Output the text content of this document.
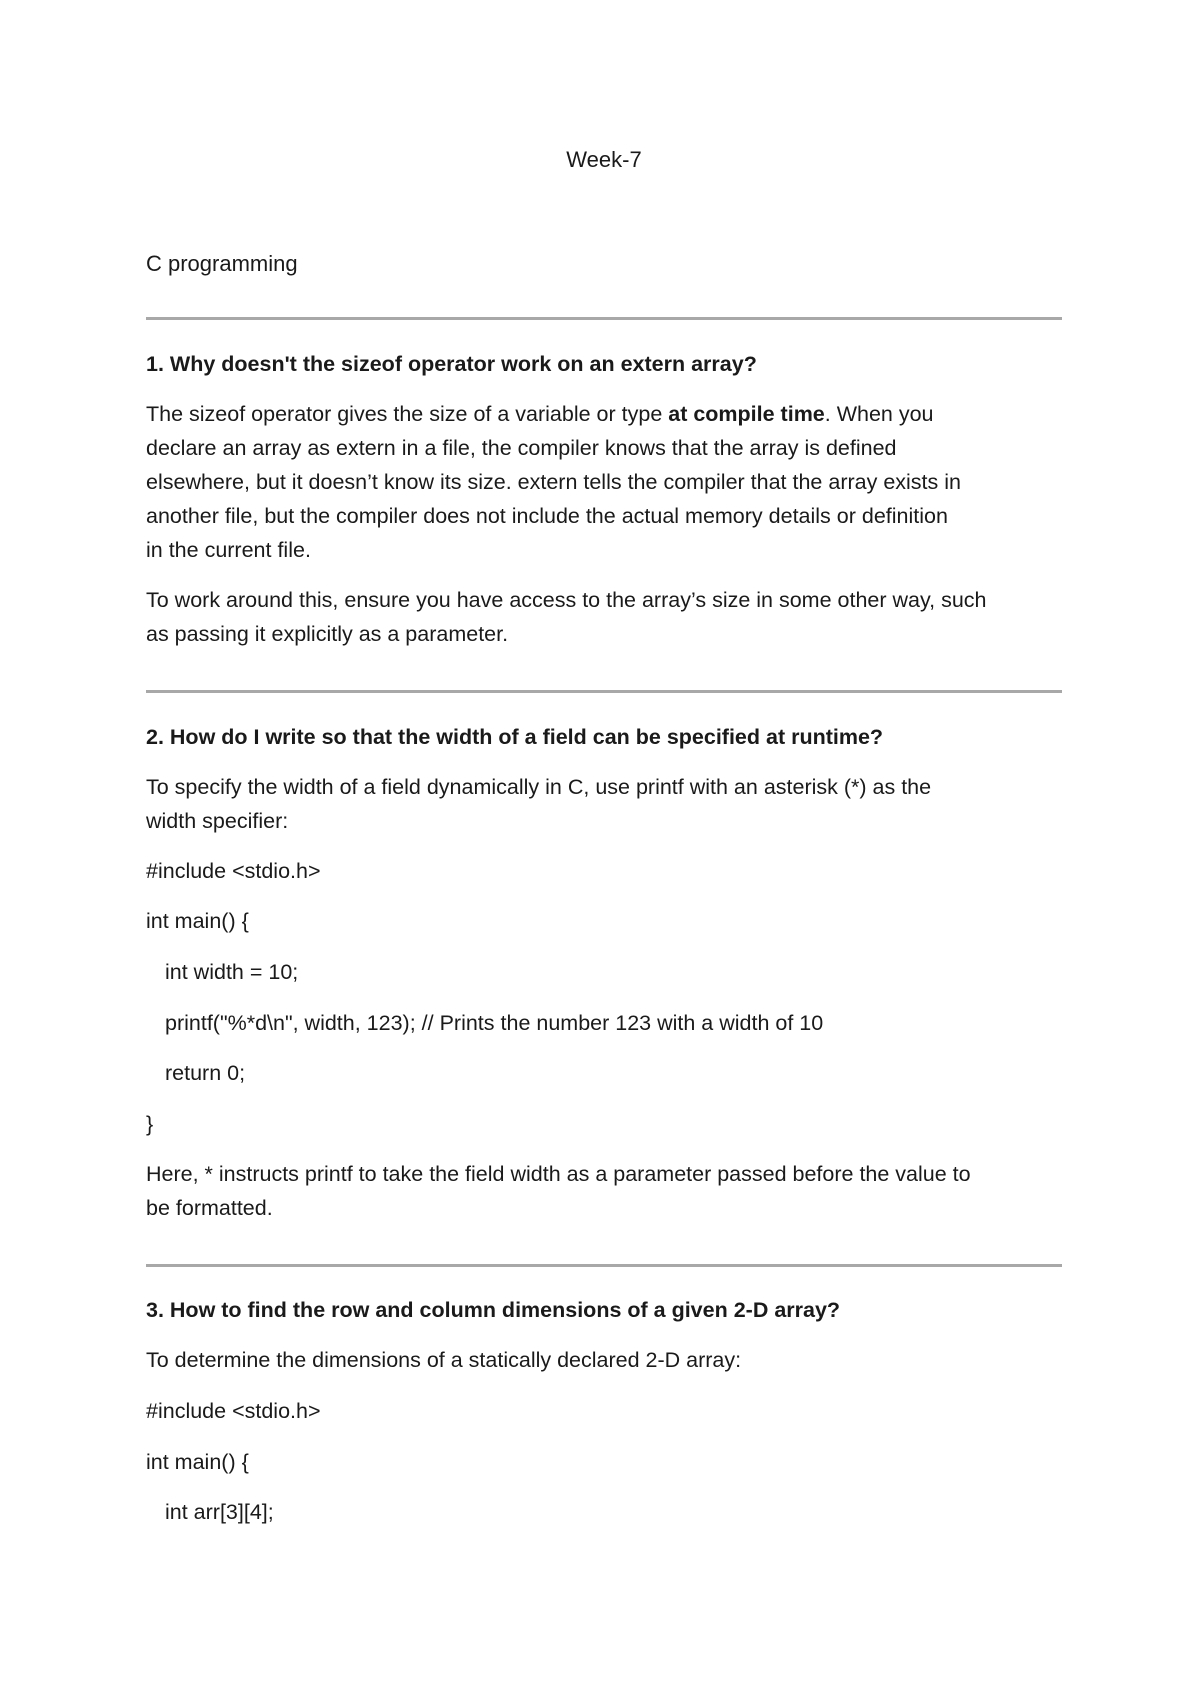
Week-7
C programming
1. Why doesn't the sizeof operator work on an extern array?
The sizeof operator gives the size of a variable or type at compile time. When you
declare an array as extern in a file, the compiler knows that the array is defined
elsewhere, but it doesn’t know its size. extern tells the compiler that the array exists in
another file, but the compiler does not include the actual memory details or definition
in the current file.
To work around this, ensure you have access to the array’s size in some other way, such
as passing it explicitly as a parameter.
2. How do I write so that the width of a field can be specified at runtime?
To specify the width of a field dynamically in C, use printf with an asterisk (*) as the
width specifier:
#include <stdio.h>
int main() {
int width = 10;
printf("%*d\n", width, 123); // Prints the number 123 with a width of 10
return 0;
}
Here, * instructs printf to take the field width as a parameter passed before the value to
be formatted.
3. How to find the row and column dimensions of a given 2-D array?
To determine the dimensions of a statically declared 2-D array:
#include <stdio.h>
int main() {
int arr[3][4];
